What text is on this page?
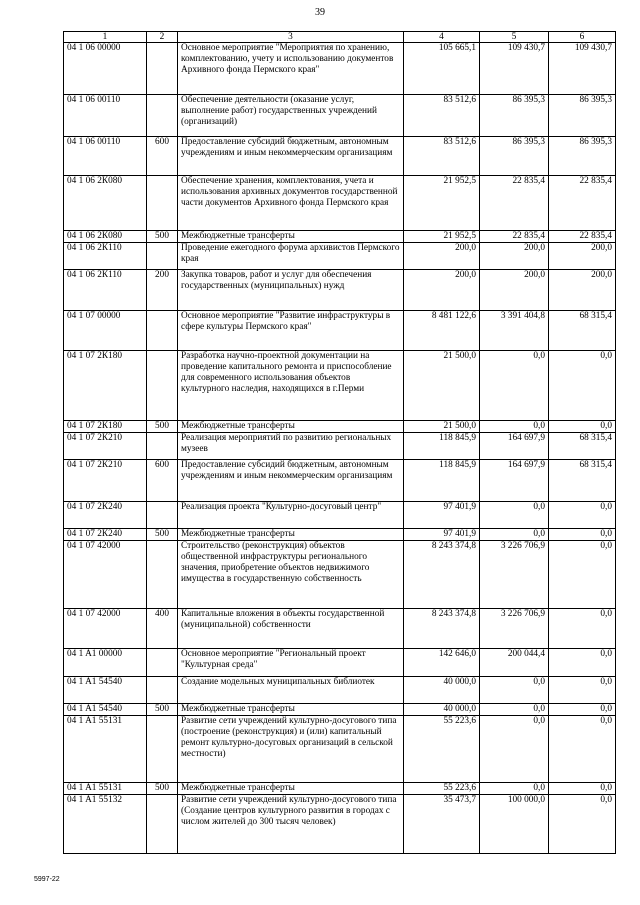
39
1	2	3	4	5	6
04 1 06 00000		Основное мероприятие "Мероприятия по хранению, комплектованию, учету и использованию документов Архивного фонда Пермского края"	105 665,1	109 430,7	109 430,7
04 1 06 00110		Обеспечение деятельности (оказание услуг, выполнение работ) государственных учреждений (организаций)	83 512,6	86 395,3	86 395,3
04 1 06 00110	600	Предоставление субсидий бюджетным, автономным учреждениям и иным некоммерческим организациям	83 512,6	86 395,3	86 395,3
04 1 06 2К080		Обеспечение хранения, комплектования, учета и использования архивных документов государственной части документов Архивного фонда Пермского края	21 952,5	22 835,4	22 835,4
04 1 06 2К080	500	Межбюджетные трансферты	21 952,5	22 835,4	22 835,4
04 1 06 2К110		Проведение ежегодного форума архивистов Пермского края	200,0	200,0	200,0
04 1 06 2К110	200	Закупка товаров, работ и услуг для обеспечения государственных (муниципальных) нужд	200,0	200,0	200,0
04 1 07 00000		Основное мероприятие "Развитие инфраструктуры в сфере культуры Пермского края"	8 481 122,6	3 391 404,8	68 315,4
04 1 07 2К180		Разработка научно-проектной документации на проведение капитального ремонта и приспособление для современного использования объектов культурного наследия, находящихся в г.Перми	21 500,0	0,0	0,0
04 1 07 2К180	500	Межбюджетные трансферты	21 500,0	0,0	0,0
04 1 07 2К210		Реализация мероприятий по развитию региональных музеев	118 845,9	164 697,9	68 315,4
04 1 07 2К210	600	Предоставление субсидий бюджетным, автономным учреждениям и иным некоммерческим организациям	118 845,9	164 697,9	68 315,4
04 1 07 2К240		Реализация проекта "Культурно-досуговый центр"	97 401,9	0,0	0,0
04 1 07 2К240	500	Межбюджетные трансферты	97 401,9	0,0	0,0
04 1 07 42000		Строительство (реконструкция) объектов общественной инфраструктуры регионального значения, приобретение объектов недвижимого имущества в государственную собственность	8 243 374,8	3 226 706,9	0,0
04 1 07 42000	400	Капитальные вложения в объекты государственной (муниципальной) собственности	8 243 374,8	3 226 706,9	0,0
04 1 A1 00000		Основное мероприятие "Региональный проект "Культурная среда"	142 646,0	200 044,4	0,0
04 1 A1 54540		Создание модельных муниципальных библиотек	40 000,0	0,0	0,0
04 1 A1 54540	500	Межбюджетные трансферты	40 000,0	0,0	0,0
04 1 A1 55131		Развитие сети учреждений культурно-досугового типа (построение (реконструкция) и (или) капитальный ремонт культурно-досуговых организаций в сельской местности)	55 223,6	0,0	0,0
04 1 A1 55131	500	Межбюджетные трансферты	55 223,6	0,0	0,0
04 1 A1 55132		Развитие сети учреждений культурно-досугового типа (Создание центров культурного развития в городах с числом жителей до 300 тысяч человек)	35 473,7	100 000,0	0,0
5997-22
